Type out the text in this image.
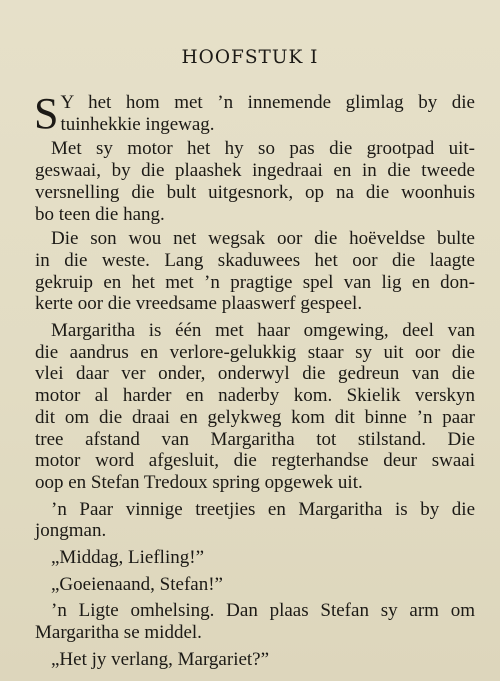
HOOFSTUK I
S Y het hom met ’n innemende glimlag by die
tuinhekkie ingewag.
Met sy motor het hy so pas die grootpad uit-
geswaai, by die plaashek ingedraai en in die tweede
versnelling die bult uitgesnork, op na die woonhuis
bo teen die hang.
Die son wou net wegsak oor die hoëveldse bulte
in die weste. Lang skaduwees het oor die laagte
gekruip en het met ’n pragtige spel van lig en don-
kerte oor die vreedsame plaaswerf gespeel.
Margaritha is één met haar omgewing, deel van
die aandrus en verlore-gelukkig staar sy uit oor die
vlei daar ver onder, onderwyl die gedreun van die
motor al harder en naderby kom. Skielik verskyn
dit om die draai en gelykweg kom dit binne ’n paar
tree afstand van Margaritha tot stilstand. Die
motor word afgesluit, die regterhandse deur swaai
oop en Stefan Tredoux spring opgewek uit.
’n Paar vinnige treetjies en Margaritha is by die
jongman.
„Middag, Liefling!”
„Goeienaand, Stefan!”
’n Ligte omhelsing. Dan plaas Stefan sy arm om
Margaritha se middel.
„Het jy verlang, Margariet?”
